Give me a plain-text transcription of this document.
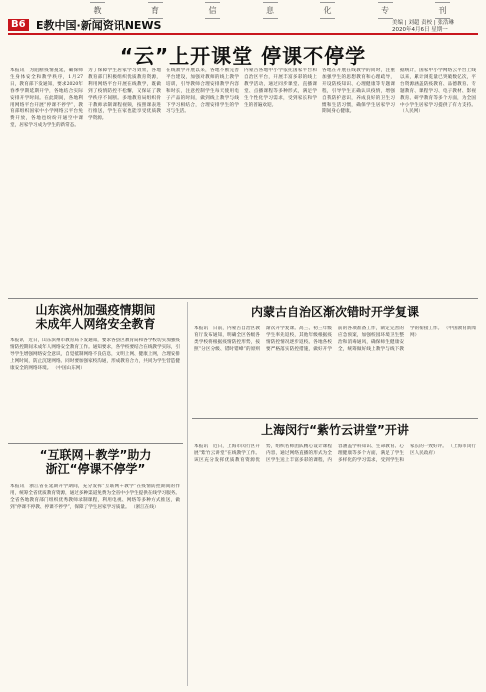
教	育	信	息	化	专	刊
B6 E教中国·新闻资讯NEWS	美编 | 刘超 责校 | 张浩琳
2020年4月6日 星期一
“云”上开课堂 停课不停学
本报讯　为阻断疫情蔓延，确保师生身体安全和教学秩序，1月27日，教育部下发通知，要求2020年春季学期延期开学，各地结合实际安排开学时间。在此期间，各地利用网络平台开展“停课不停学”，教育部组织国家中小学网络云平台免费开放，各地也纷纷开通空中课堂，居家学习成为学生的新常态。
为了保障学生居家学习效果，各地教育部门积极组织优质教育资源，利用网络平台开展在线教学，既做到了疫情防控不松懈，又保证了教学秩序不间断。多地教育局组织骨干教师录制课程视频，按照课表进行推送，学生在家也能享受优质教学资源。
在线教学开展以来，各地不断完善平台建设，加强对教师的线上教学培训，引导教师合理安排教学内容和时长，注意控制学生每天使用电子产品的时间，做到线上教学与线下学习相结合，合理安排学生的学习与生活。
内蒙古各地中小学依托国家平台和自治区平台，开展丰富多彩的线上教学活动，通过同步课堂、直播课堂、点播课程等多种形式，满足学生个性化学习需求，受到家长和学生的普遍欢迎。
各地在开展在线教学的同时，注重加强学生的思想教育和心理疏导，开设防疫知识、心理健康等专题课程，引导学生正确认识疫情，增强自我防护意识，养成良好的卫生习惯和生活习惯，确保学生居家学习期间身心健康。
据统计，国家中小学网络云平台上线以来，累计浏览量已突破数亿次，平台资源涵盖防疫教育、品德教育、专题教育、课程学习、电子教材、影视教育、研学教育等多个方面，为全国中小学生居家学习提供了有力支持。 （人民网）
山东滨州加强疫情期间
未成年人网络安全教育
本报讯　近日，山东滨州市教育局下发通知，要求各县区教育局和各学校切实加强疫情防控期间未成年人网络安全教育工作。通知要求，各学校要结合在线教学实际，引导学生增强网络安全意识，自觉抵制网络不良信息，文明上网、健康上网，合理安排上网时间，防止沉迷网络。同时要加强家校沟通，形成教育合力，共同为学生营造健康安全的网络环境。 （中国山东网）
“互联网＋教学”助力
浙江“停课不停学”
本报讯　浙江省在延期开学期间，充分发挥“互联网＋教学”在疫情防控期间的作用，统筹全省优质教育资源，通过多种渠道免费为全省中小学生提供在线学习服务。全省各地教育部门组织优秀教师录制课程，利用电视、网络等多种方式推送，做到“停课不停教、停课不停学”，保障了学生居家学习质量。 （浙江在线）
内蒙古自治区渐次错时开学复课
本报讯　日前，内蒙古自治区教育厅发布通知，明确全区各级各类学校将根据疫情防控形势，按照“分区分级、错时错峰”的原则渐次开学复课。高三、初三年级学生率先返校，其他年级根据疫情防控情况逐步返校。各地各校要严格落实防控措施，做好开学前的各项准备工作，制定完善的应急预案，加强校园环境卫生整治和消毒通风，确保师生健康安全，统筹做好线上教学与线下教学的衔接工作。 （中国教育新闻网）
上海闵行“紫竹云讲堂”开讲
本报讯　近日，上海市闵行区开展“紫竹云讲堂”在线教学工作。该区充分发挥优质教育资源优势，组织名师团队精心设计课程内容，通过网络直播的形式为全区学生送上丰富多彩的课程，内容涵盖学科知识、生命教育、心理健康等多个方面，满足了学生多样化的学习需求，受到学生和家长的一致好评。 （上海市闵行区人民政府）
